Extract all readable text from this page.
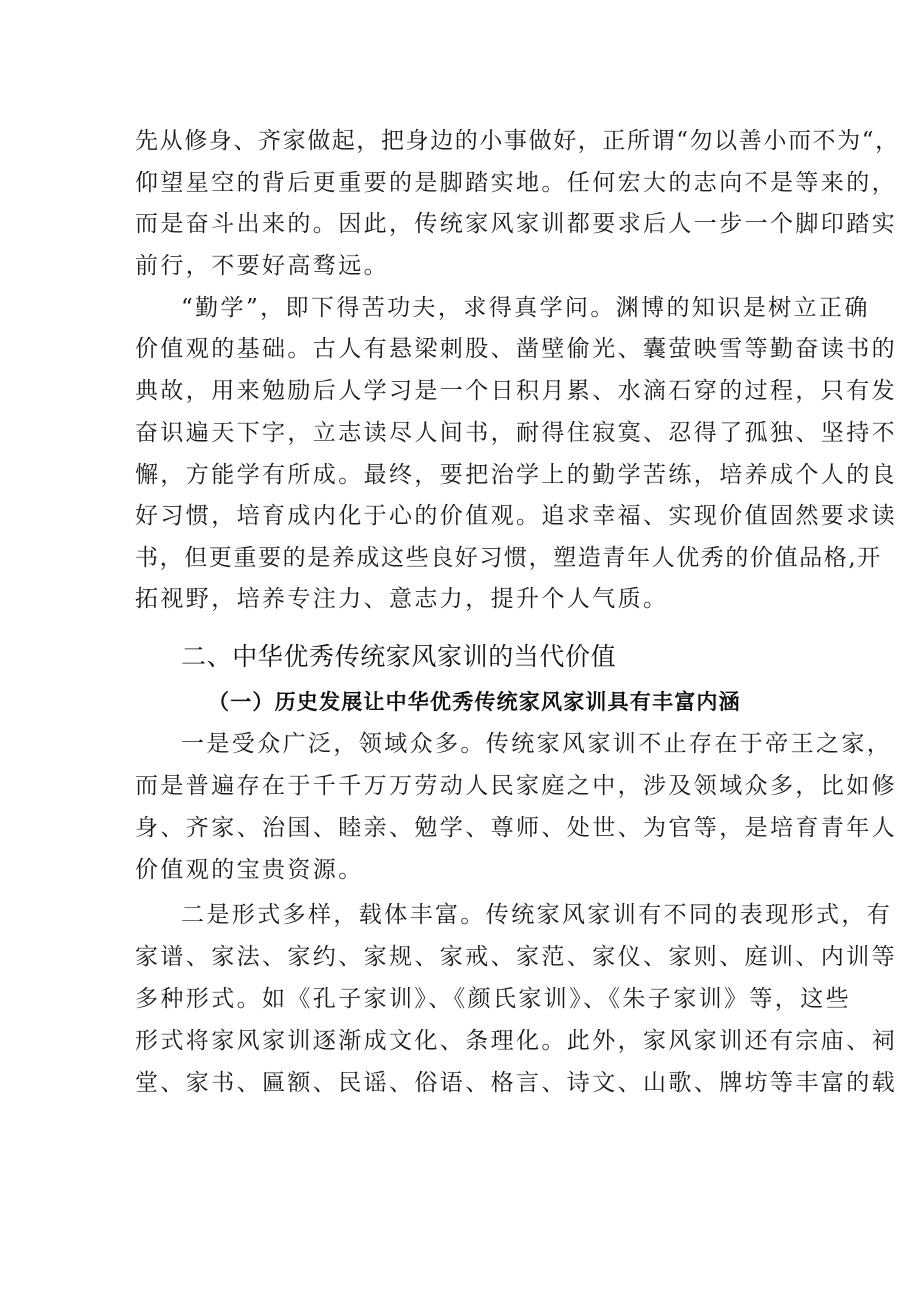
先从修身、齐家做起，把身边的小事做好，正所谓“勿以善小而不为“，
仰望星空的背后更重要的是脚踏实地。任何宏大的志向不是等来的，
而是奋斗出来的。因此，传统家风家训都要求后人一步一个脚印踏实
前行，不要好高骛远。
“勤学”，即下得苦功夫，求得真学问。渊博的知识是树立正确
价值观的基础。古人有悬梁刺股、凿壁偷光、囊萤映雪等勤奋读书的
典故，用来勉励后人学习是一个日积月累、水滴石穿的过程，只有发
奋识遍天下字，立志读尽人间书，耐得住寂寞、忍得了孤独、坚持不
懈，方能学有所成。最终，要把治学上的勤学苦练，培养成个人的良
好习惯，培育成内化于心的价值观。追求幸福、实现价值固然要求读
书，但更重要的是养成这些良好习惯，塑造青年人优秀的价值品格,开
拓视野，培养专注力、意志力，提升个人气质。
二、中华优秀传统家风家训的当代价值
（一）历史发展让中华优秀传统家风家训具有丰富内涵
一是受众广泛，领域众多。传统家风家训不止存在于帝王之家，
而是普遍存在于千千万万劳动人民家庭之中，涉及领域众多，比如修
身、齐家、治国、睦亲、勉学、尊师、处世、为官等，是培育青年人
价值观的宝贵资源。
二是形式多样，载体丰富。传统家风家训有不同的表现形式，有
家谱、家法、家约、家规、家戒、家范、家仪、家则、庭训、内训等
多种形式。如《孔子家训》、《颜氏家训》、《朱子家训》等，这些
形式将家风家训逐渐成文化、条理化。此外，家风家训还有宗庙、祠
堂、家书、匾额、民谣、俗语、格言、诗文、山歌、牌坊等丰富的载
